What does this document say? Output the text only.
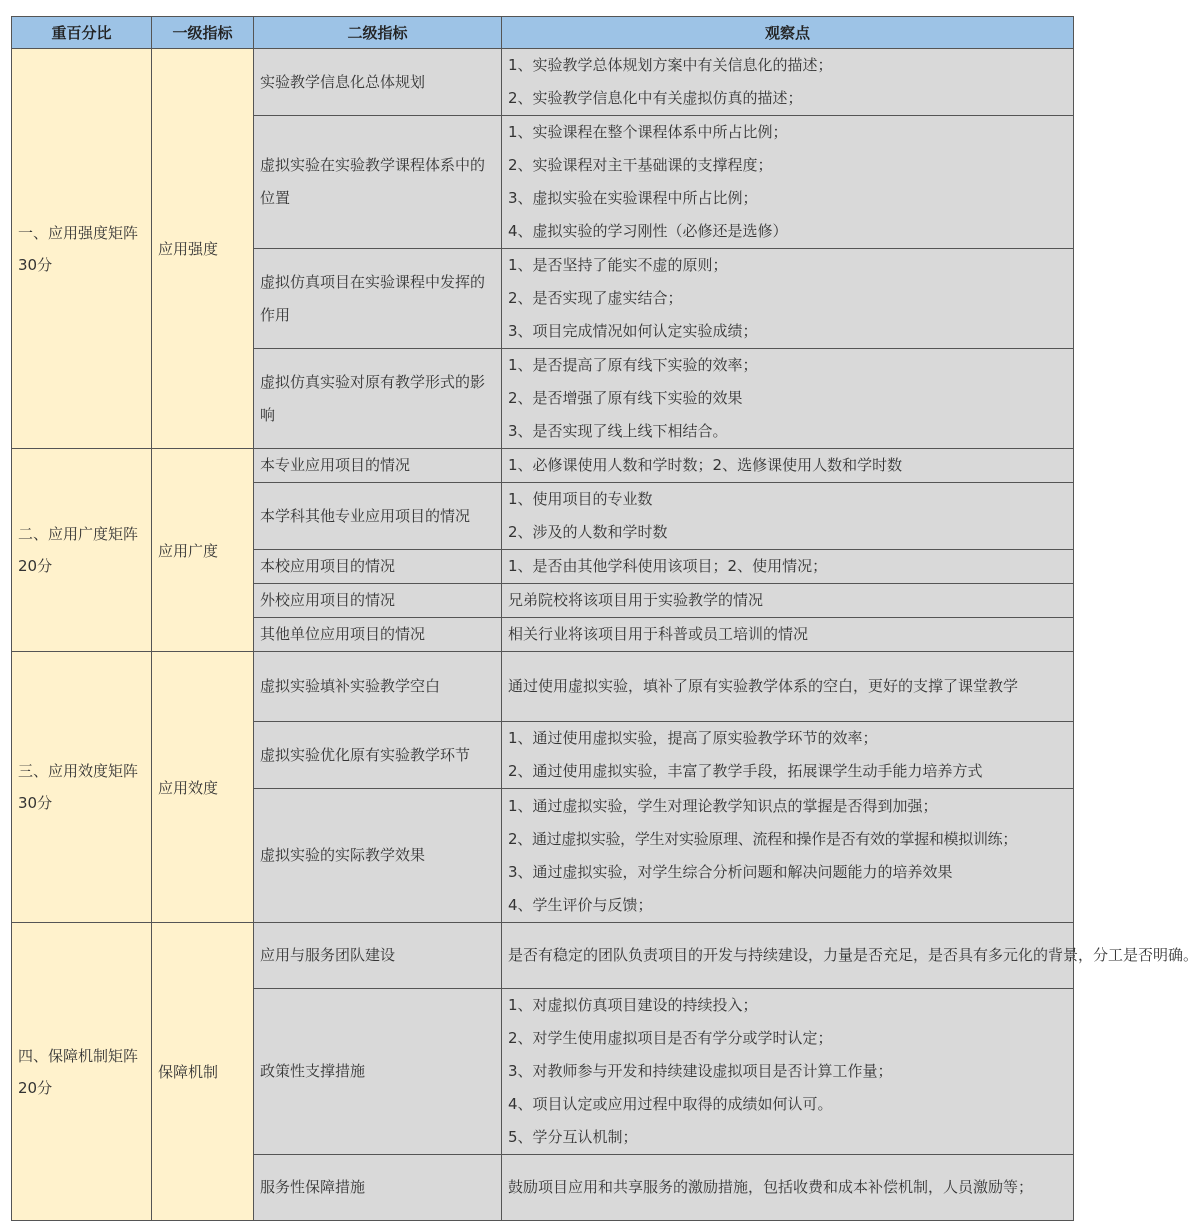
重百分比	一级指标	二级指标	观察点
一、应用强度矩阵 30分	应用强度	实验教学信息化总体规划	1、实验教学总体规划方案中有关信息化的描述；
2、实验教学信息化中有关虚拟仿真的描述；

		虚拟实验在实验教学课程体系中的位置	1、实验课程在整个课程体系中所占比例；
2、实验课程对主干基础课的支撑程度；
3、虚拟实验在实验课程中所占比例；
4、虚拟实验的学习刚性（必修还是选修）

		虚拟仿真项目在实验课程中发挥的作用	1、是否坚持了能实不虚的原则；
2、是否实现了虚实结合；
3、项目完成情况如何认定实验成绩；

		虚拟仿真实验对原有教学形式的影响	1、是否提高了原有线下实验的效率；
2、是否增强了原有线下实验的效果
3、是否实现了线上线下相结合。

二、应用广度矩阵 20分	应用广度	本专业应用项目的情况	1、必修课使用人数和学时数；2、选修课使用人数和学时数

		本学科其他专业应用项目的情况	1、使用项目的专业数
2、涉及的人数和学时数

		本校应用项目的情况	1、是否由其他学科使用该项目；2、使用情况；

		外校应用项目的情况	兄弟院校将该项目用于实验教学的情况

		其他单位应用项目的情况	相关行业将该项目用于科普或员工培训的情况

三、应用效度矩阵 30分	应用效度	虚拟实验填补实验教学空白	通过使用虚拟实验，填补了原有实验教学体系的空白，更好的支撑了课堂教学

		虚拟实验优化原有实验教学环节	1、通过使用虚拟实验，提高了原实验教学环节的效率；
2、通过使用虚拟实验，丰富了教学手段，拓展课学生动手能力培养方式

		虚拟实验的实际教学效果	1、通过虚拟实验，学生对理论教学知识点的掌握是否得到加强；
2、通过虚拟实验，学生对实验原理、流程和操作是否有效的掌握和模拟训练；
3、通过虚拟实验，对学生综合分析问题和解决问题能力的培养效果
4、学生评价与反馈；

四、保障机制矩阵 20分	保障机制	应用与服务团队建设	是否有稳定的团队负责项目的开发与持续建设，力量是否充足，是否具有多元化的背景，分工是否明确。

		政策性支撑措施	1、对虚拟仿真项目建设的持续投入；
2、对学生使用虚拟项目是否有学分或学时认定；
3、对教师参与开发和持续建设虚拟项目是否计算工作量；
4、项目认定或应用过程中取得的成绩如何认可。
5、学分互认机制；

		服务性保障措施	鼓励项目应用和共享服务的激励措施，包括收费和成本补偿机制，人员激励等；
